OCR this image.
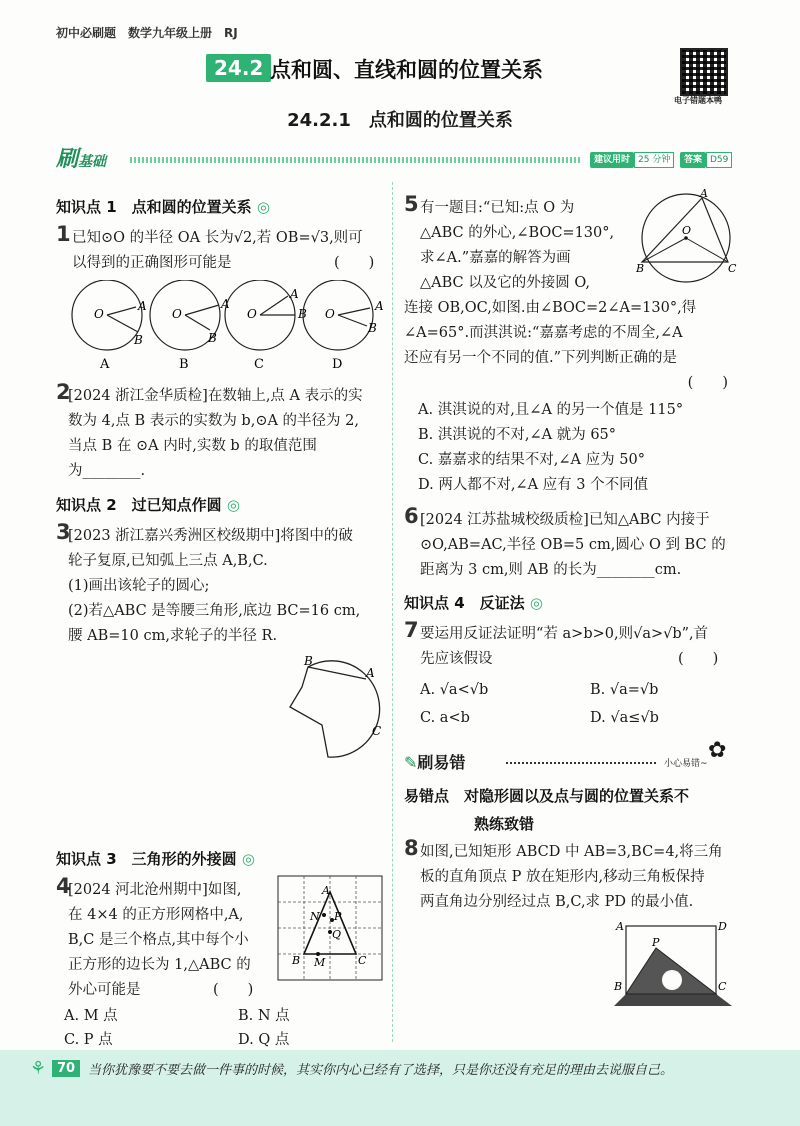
初中必刷题　数学九年级上册　RJ
24.2 点和圆、直线和圆的位置关系
电子错题本鸭
24.2.1　点和圆的位置关系
刷基础	建议用时 25 分钟	答案 D59
知识点 1　点和圆的位置关系 ◎
1 已知⊙O 的半径 OA 长为√2,若 OB=√3,则可
以得到的正确图形可能是	(　　)
O
A
B
O
A
B
O
A
B O
A
B
A	B	C	D
2
[2024 浙江金华质检]在数轴上,点 A 表示的实
数为 4,点 B 表示的实数为 b,⊙A 的半径为 2,
当点 B 在 ⊙A 内时,实数 b 的取值范围
为________.
知识点 2　过已知点作圆 ◎
3
[2023 浙江嘉兴秀洲区校级期中]将图中的破
轮子复原,已知弧上三点 A,B,C.
(1)画出该轮子的圆心;
(2)若△ABC 是等腰三角形,底边 BC=16 cm,
腰 AB=10 cm,求轮子的半径 R.
B
A
C
知识点 3　三角形的外接圆 ◎
4
[2024 河北沧州期中]如图,
在 4×4 的正方形网格中,A,
B,C 是三个格点,其中每个小
正方形的边长为 1,△ABC 的
外心可能是	(　　)
A. M 点	B. N 点
C. P 点	D. Q 点
A
N P
Q
B M	C
5 有一题目:“已知:点 O 为
△ABC 的外心,∠BOC=130°,
求∠A.”嘉嘉的解答为画
△ABC 以及它的外接圆 O,
连接 OB,OC,如图.由∠BOC=2∠A=130°,得
∠A=65°.而淇淇说:“嘉嘉考虑的不周全,∠A
还应有另一个不同的值.”下列判断正确的是
(　　)
A. 淇淇说的对,且∠A 的另一个值是 115°
B. 淇淇说的不对,∠A 就为 65°
C. 嘉嘉求的结果不对,∠A 应为 50°
D. 两人都不对,∠A 应有 3 个不同值
A
O
B	C
6 [2024 江苏盐城校级质检]已知△ABC 内接于
⊙O,AB=AC,半径 OB=5 cm,圆心 O 到 BC 的
距离为 3 cm,则 AB 的长为________cm.
知识点 4　反证法 ◎
7 要运用反证法证明“若 a>b>0,则√a>√b”,首
先应该假设	(　　)
A. √a<√b	B. √a=√b
C. a<b	D. √a≤√b
✎刷易错	小心易错~
✿
易错点　对隐形圆以及点与圆的位置关系不
熟练致错
8 如图,已知矩形 ABCD 中 AB=3,BC=4,将三角
板的直角顶点 P 放在矩形内,移动三角板保持
两直角边分别经过点 B,C,求 PD 的最小值.
A	D
P
B	C
⚘ 70 当你犹豫要不要去做一件事的时候，其实你内心已经有了选择，只是你还没有充足的理由去说服自己。
